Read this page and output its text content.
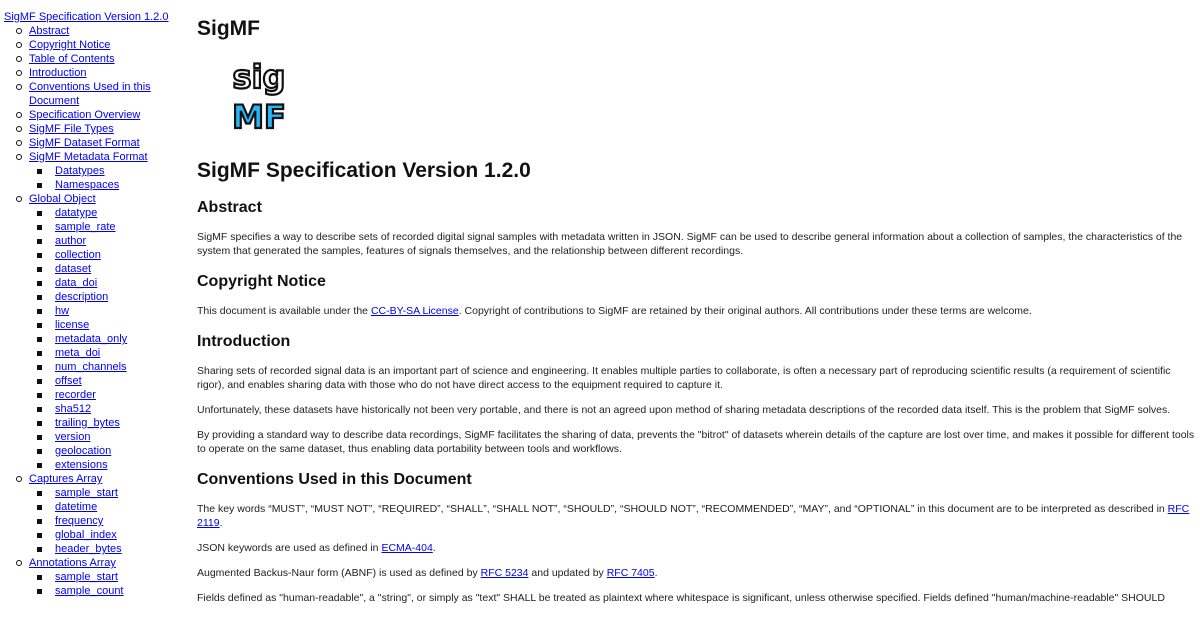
SigMF Specification Version 1.2.0
Abstract
Copyright Notice
Table of Contents
Introduction
Conventions Used in this Document
Specification Overview
SigMF File Types
SigMF Dataset Format
SigMF Metadata Format
Datatypes
Namespaces
Global Object
datatype
sample_rate
author
collection
dataset
data_doi
description
hw
license
metadata_only
meta_doi
num_channels
offset
recorder
sha512
trailing_bytes
version
geolocation
extensions
Captures Array
sample_start
datetime
frequency
global_index
header_bytes
Annotations Array
sample_start
sample_count
SigMF
sig
MF
SigMF Specification Version 1.2.0
Abstract

SigMF specifies a way to describe sets of recorded digital signal samples with metadata written in JSON. SigMF can be used to describe general information about a collection of samples, the characteristics of the system that generated the samples, features of signals themselves, and the relationship between different recordings.

Copyright Notice

This document is available under the CC-BY-SA License. Copyright of contributions to SigMF are retained by their original authors. All contributions under these terms are welcome.

Introduction

Sharing sets of recorded signal data is an important part of science and engineering. It enables multiple parties to collaborate, is often a necessary part of reproducing scientific results (a requirement of scientific rigor), and enables sharing data with those who do not have direct access to the equipment required to capture it.

Unfortunately, these datasets have historically not been very portable, and there is not an agreed upon method of sharing metadata descriptions of the recorded data itself. This is the problem that SigMF solves.

By providing a standard way to describe data recordings, SigMF facilitates the sharing of data, prevents the "bitrot" of datasets wherein details of the capture are lost over time, and makes it possible for different tools to operate on the same dataset, thus enabling data portability between tools and workflows.

Conventions Used in this Document

The key words “MUST”, “MUST NOT”, “REQUIRED”, “SHALL”, “SHALL NOT”, “SHOULD”, “SHOULD NOT”, “RECOMMENDED”, “MAY”, and “OPTIONAL” in this document are to be interpreted as described in RFC 2119.

JSON keywords are used as defined in ECMA-404.

Augmented Backus-Naur form (ABNF) is used as defined by RFC 5234 and updated by RFC 7405.

Fields defined as "human-readable", a "string", or simply as "text" SHALL be treated as plaintext where whitespace is significant, unless otherwise specified. Fields defined "human/machine-readable" SHOULD
